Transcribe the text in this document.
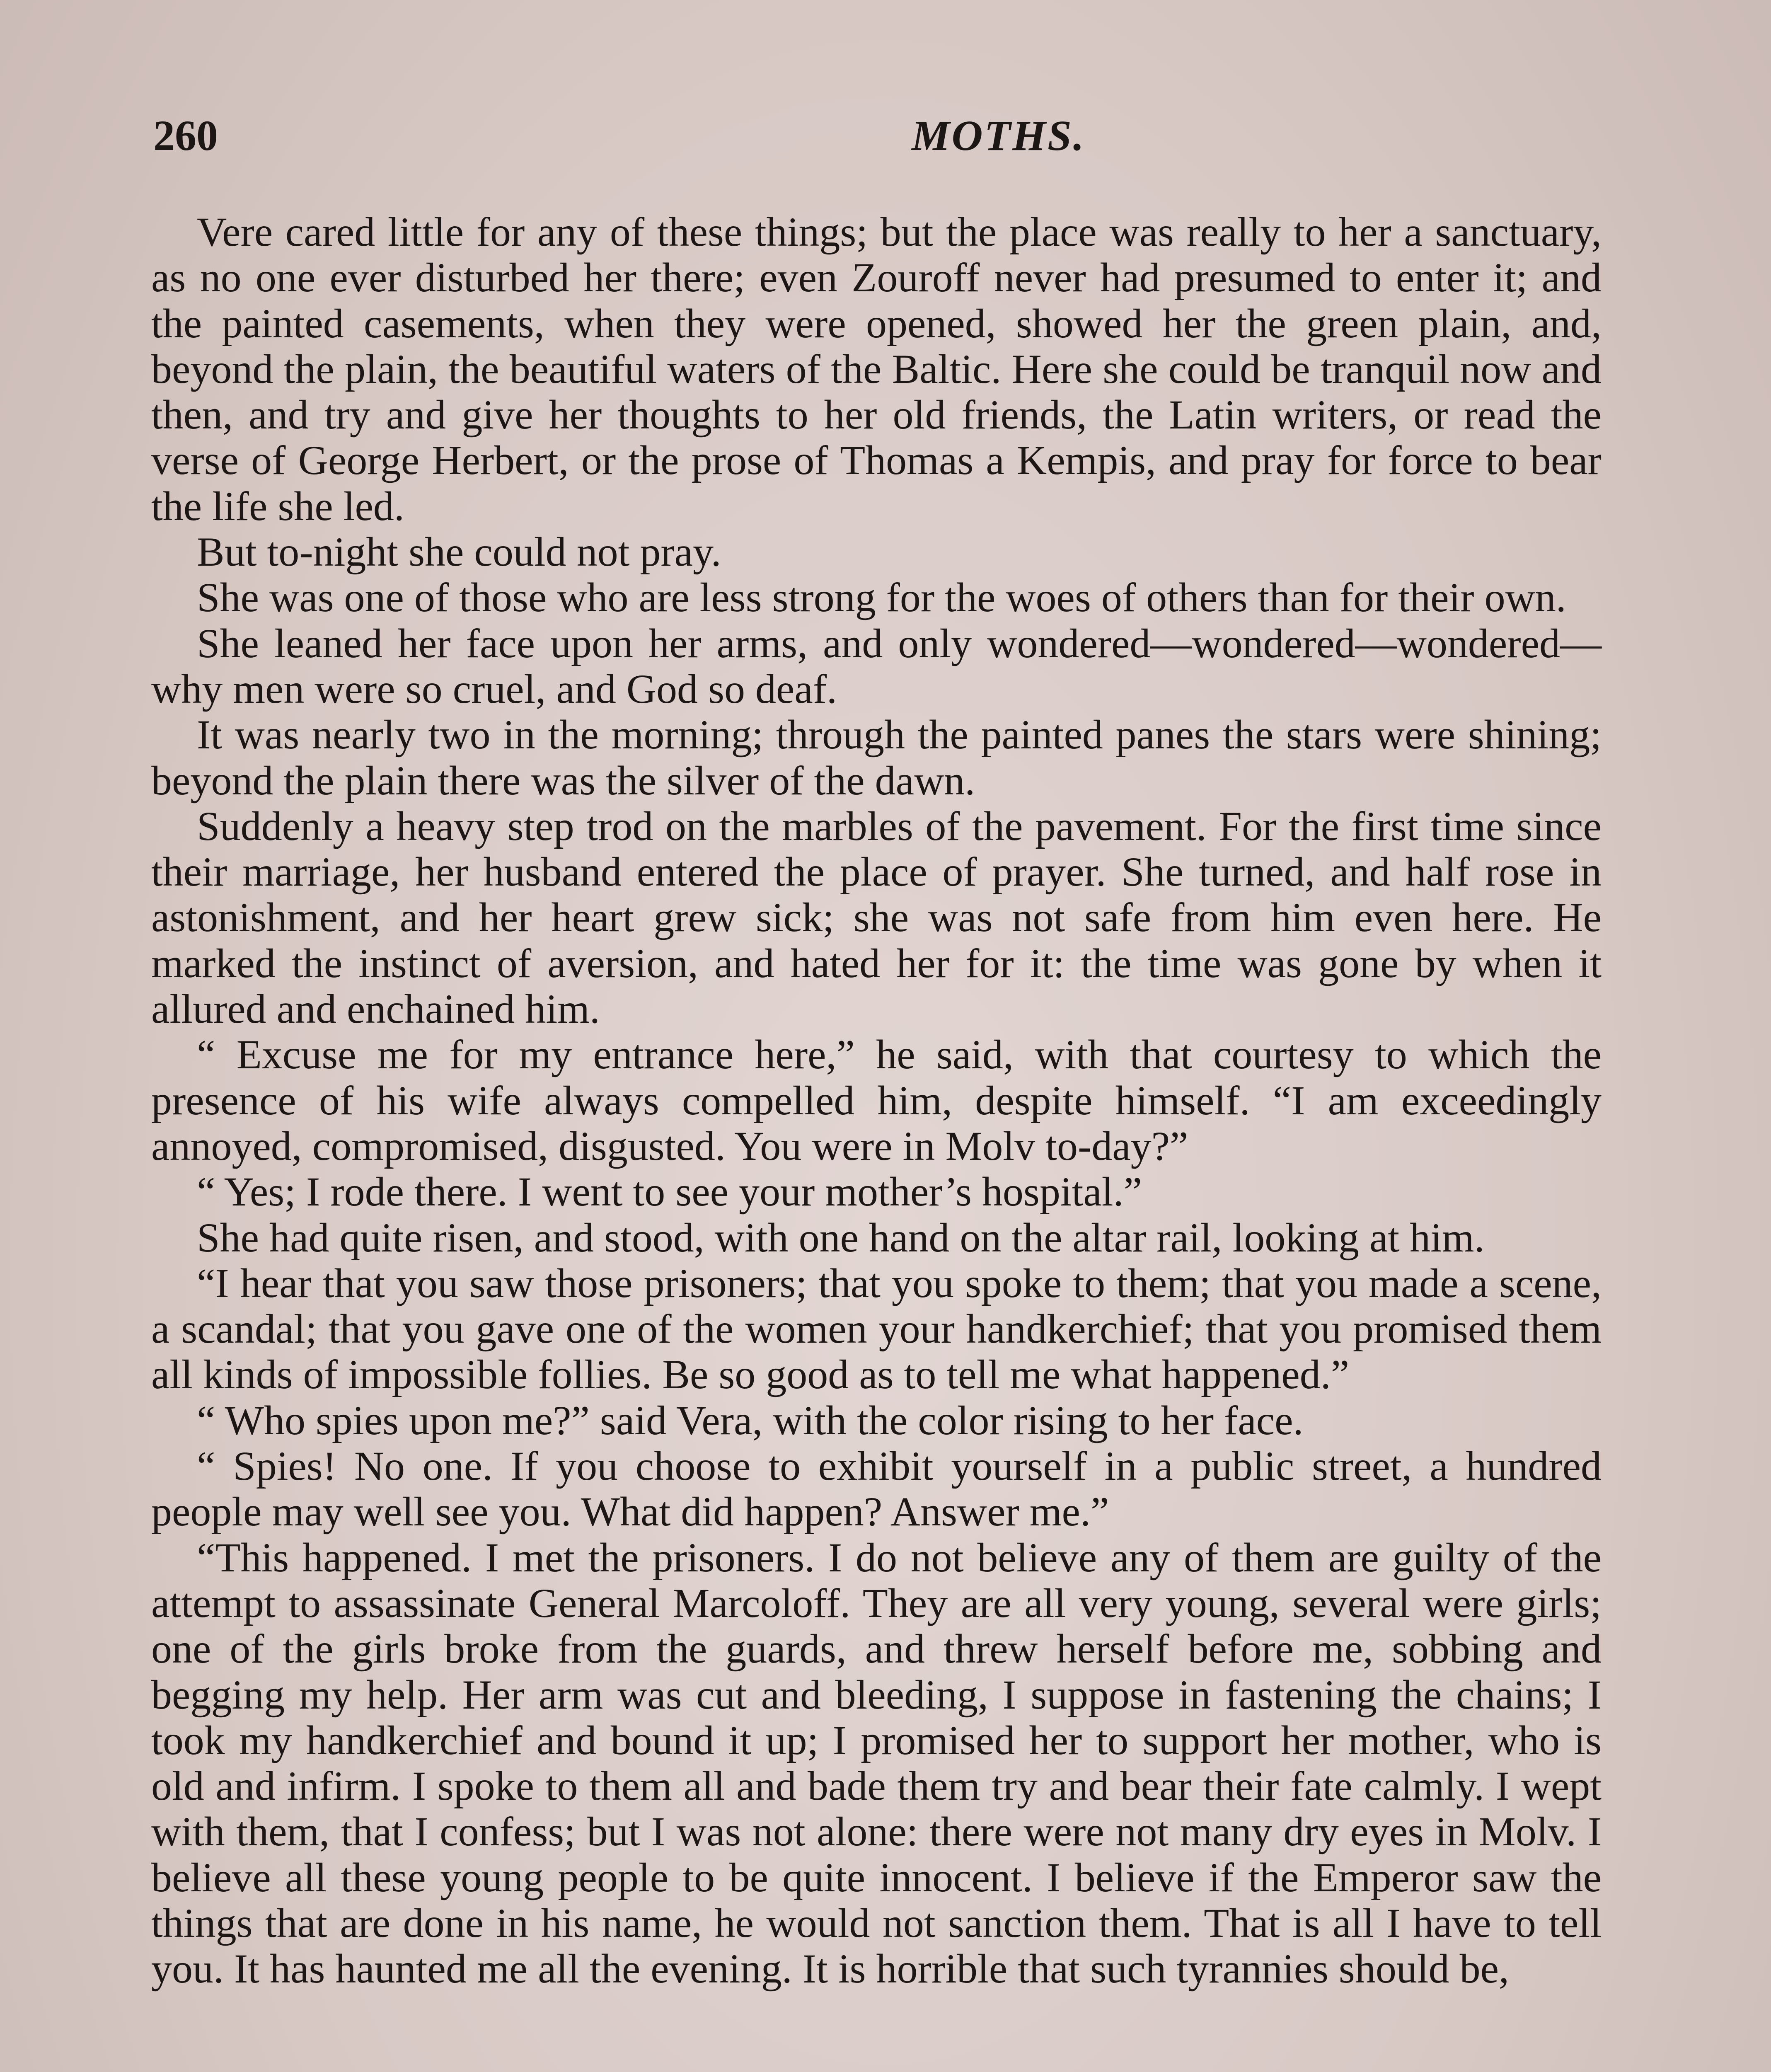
260	MOTHS.

Vere cared little for any of these things; but the place was really to her a sanctuary, as no one ever disturbed her there; even Zouroff never had presumed to enter it; and the painted casements, when they were opened, showed her the green plain, and, beyond the plain, the beautiful waters of the Baltic. Here she could be tranquil now and then, and try and give her thoughts to her old friends, the Latin writers, or read the verse of George Herbert, or the prose of Thomas a Kempis, and pray for force to bear the life she led.

But to-night she could not pray.

She was one of those who are less strong for the woes of others than for their own.

She leaned her face upon her arms, and only wondered—wondered—wondered—why men were so cruel, and God so deaf.

It was nearly two in the morning; through the painted panes the stars were shining; beyond the plain there was the silver of the dawn.

Suddenly a heavy step trod on the marbles of the pavement. For the first time since their marriage, her husband entered the place of prayer. She turned, and half rose in astonishment, and her heart grew sick; she was not safe from him even here. He marked the instinct of aversion, and hated her for it: the time was gone by when it allured and enchained him.

“ Excuse me for my entrance here,” he said, with that courtesy to which the presence of his wife always compelled him, despite himself. “I am exceedingly annoyed, compromised, disgusted. You were in Molv to-day?”

“ Yes; I rode there. I went to see your mother’s hospital.”

She had quite risen, and stood, with one hand on the altar rail, looking at him.

“I hear that you saw those prisoners; that you spoke to them; that you made a scene, a scandal; that you gave one of the women your handkerchief; that you promised them all kinds of impossible follies. Be so good as to tell me what happened.”

“ Who spies upon me?” said Vera, with the color rising to her face.

“ Spies! No one. If you choose to exhibit yourself in a public street, a hundred people may well see you. What did happen? Answer me.”

“This happened. I met the prisoners. I do not believe any of them are guilty of the attempt to assassinate General Marcoloff. They are all very young, several were girls; one of the girls broke from the guards, and threw herself before me, sobbing and begging my help. Her arm was cut and bleeding, I suppose in fastening the chains; I took my handkerchief and bound it up; I promised her to support her mother, who is old and infirm. I spoke to them all and bade them try and bear their fate calmly. I wept with them, that I confess; but I was not alone: there were not many dry eyes in Molv. I believe all these young people to be quite innocent. I believe if the Emperor saw the things that are done in his name, he would not sanction them. That is all I have to tell you. It has haunted me all the evening. It is horrible that such tyrannies should be,
